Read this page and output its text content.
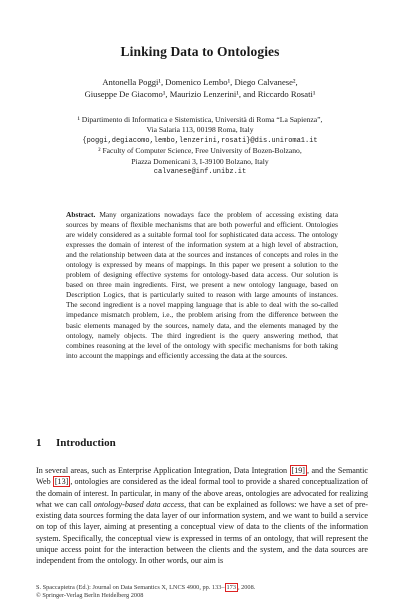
Linking Data to Ontologies
Antonella Poggi¹, Domenico Lembo¹, Diego Calvanese²,
Giuseppe De Giacomo¹, Maurizio Lenzerini¹, and Riccardo Rosati¹
¹ Dipartimento di Informatica e Sistemistica, Università di Roma “La Sapienza”,
Via Salaria 113, 00198 Roma, Italy
{poggi,degiacomo,lembo,lenzerini,rosati}@dis.uniroma1.it
² Faculty of Computer Science, Free University of Bozen-Bolzano,
Piazza Domenicani 3, I-39100 Bolzano, Italy
calvanese@inf.unibz.it
Abstract. Many organizations nowadays face the problem of accessing existing data sources by means of flexible mechanisms that are both powerful and efficient. Ontologies are widely considered as a suitable formal tool for sophisticated data access. The ontology expresses the domain of interest of the information system at a high level of abstraction, and the relationship between data at the sources and instances of concepts and roles in the ontology is expressed by means of mappings. In this paper we present a solution to the problem of designing effective systems for ontology-based data access. Our solution is based on three main ingredients. First, we present a new ontology language, based on Description Logics, that is particularly suited to reason with large amounts of instances. The second ingredient is a novel mapping language that is able to deal with the so-called impedance mismatch problem, i.e., the problem arising from the difference between the basic elements managed by the sources, namely data, and the elements managed by the ontology, namely objects. The third ingredient is the query answering method, that combines reasoning at the level of the ontology with specific mechanisms for both taking into account the mappings and efficiently accessing the data at the sources.
1 Introduction
In several areas, such as Enterprise Application Integration, Data Integration [19] , and the Semantic Web [13] , ontologies are considered as the ideal formal tool to provide a shared conceptualization of the domain of interest. In particular, in many of the above areas, ontologies are advocated for realizing what we can call ontology-based data access, that can be explained as follows: we have a set of pre-existing data sources forming the data layer of our information system, and we want to build a service on top of this layer, aiming at presenting a conceptual view of data to the clients of the information system. Specifically, the conceptual view is expressed in terms of an ontology, that will represent the unique access point for the interaction between the clients and the system, and the data sources are independent from the ontology. In other words, our aim is
S. Spaccapietra (Ed.): Journal on Data Semantics X, LNCS 4900, pp. 133– 173 , 2008.
© Springer-Verlag Berlin Heidelberg 2008
